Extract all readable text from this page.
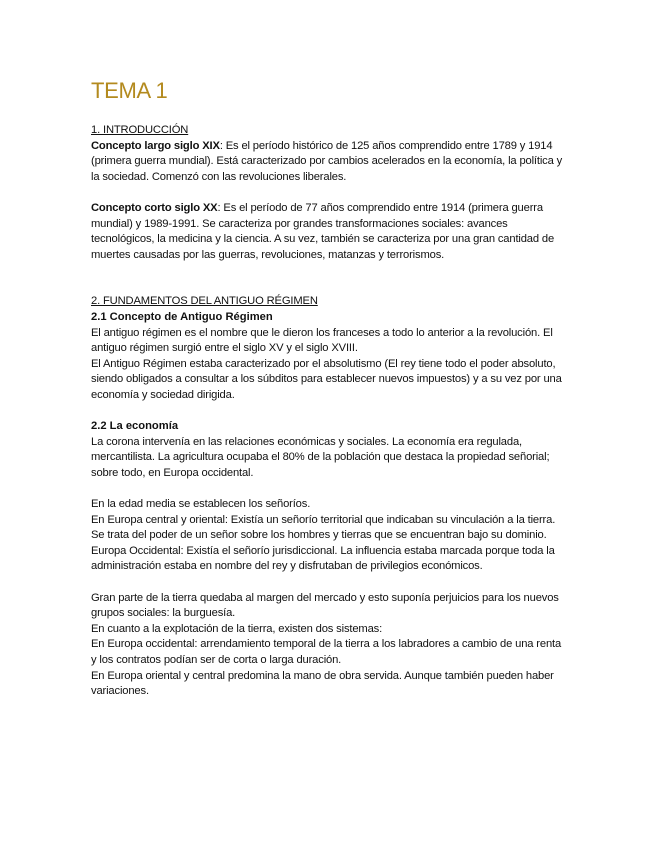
TEMA 1

1. INTRODUCCIÓN

Concepto largo siglo XIX: Es el período histórico de 125 años comprendido entre 1789 y 1914 (primera guerra mundial). Está caracterizado por cambios acelerados en la economía, la política y la sociedad. Comenzó con las revoluciones liberales.

Concepto corto siglo XX: Es el período de 77 años comprendido entre 1914 (primera guerra mundial) y 1989-1991. Se caracteriza por grandes transformaciones sociales: avances tecnológicos, la medicina y la ciencia. A su vez, también se caracteriza por una gran cantidad de muertes causadas por las guerras, revoluciones, matanzas y terrorismos.

2. FUNDAMENTOS DEL ANTIGUO RÉGIMEN

2.1 Concepto de Antiguo Régimen

El antiguo régimen es el nombre que le dieron los franceses a todo lo anterior a la revolución. El antiguo régimen surgió entre el siglo XV y el siglo XVIII.

El Antiguo Régimen estaba caracterizado por el absolutismo (El rey tiene todo el poder absoluto, siendo obligados a consultar a los súbditos para establecer nuevos impuestos) y a su vez por una economía y sociedad dirigida.

2.2 La economía

La corona intervenía en las relaciones económicas y sociales. La economía era regulada, mercantilista. La agricultura ocupaba el 80% de la población que destaca la propiedad señorial; sobre todo, en Europa occidental.

En la edad media se establecen los señoríos.

En Europa central y oriental: Existía un señorío territorial que indicaban su vinculación a la tierra. Se trata del poder de un señor sobre los hombres y tierras que se encuentran bajo su dominio.

Europa Occidental: Existía el señorío jurisdiccional. La influencia estaba marcada porque toda la administración estaba en nombre del rey y disfrutaban de privilegios económicos.

Gran parte de la tierra quedaba al margen del mercado y esto suponía perjuicios para los nuevos grupos sociales: la burguesía.

En cuanto a la explotación de la tierra, existen dos sistemas:

En Europa occidental: arrendamiento temporal de la tierra a los labradores a cambio de una renta y los contratos podían ser de corta o larga duración.

En Europa oriental y central predomina la mano de obra servida. Aunque también pueden haber variaciones.
